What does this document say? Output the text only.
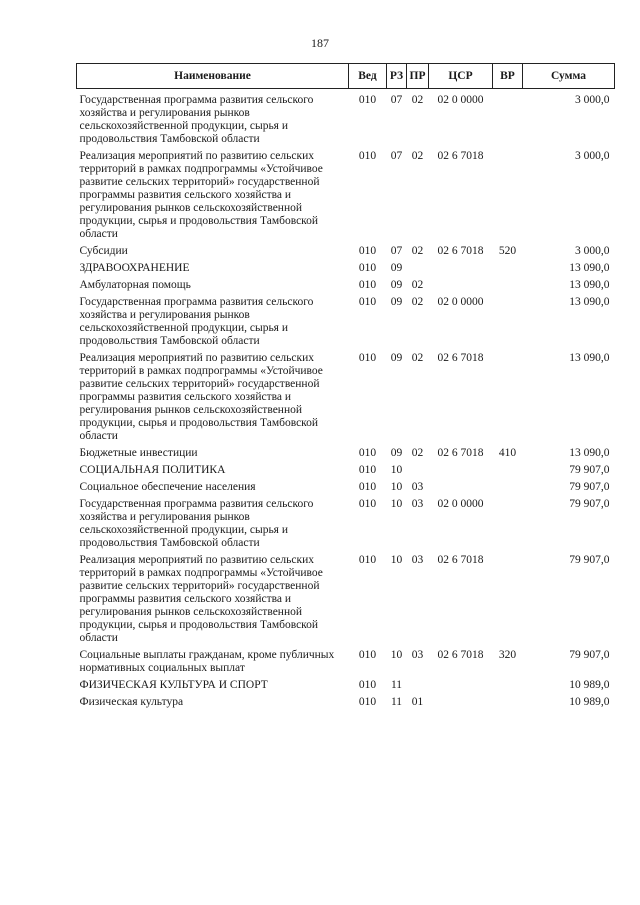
187
Наименование	Вед	РЗ	ПР	ЦСР	ВР	Сумма
Государственная программа развития сельского хозяйства и регулирования рынков сельскохозяйственной продукции, сырья и продовольствия Тамбовской области	010	07	02	02 0 0000		3 000,0
Реализация мероприятий по развитию сельских территорий в рамках подпрограммы «Устойчивое развитие сельских территорий» государственной программы развития сельского хозяйства и регулирования рынков сельскохозяйственной продукции, сырья и продовольствия Тамбовской области	010	07	02	02 6 7018		3 000,0
Субсидии	010	07	02	02 6 7018	520	3 000,0
ЗДРАВООХРАНЕНИЕ	010	09				13 090,0
Амбулаторная помощь	010	09	02			13 090,0
Государственная программа развития сельского хозяйства и регулирования рынков сельскохозяйственной продукции, сырья и продовольствия Тамбовской области	010	09	02	02 0 0000		13 090,0
Реализация мероприятий по развитию сельских территорий в рамках подпрограммы «Устойчивое развитие сельских территорий» государственной программы развития сельского хозяйства и регулирования рынков сельскохозяйственной продукции, сырья и продовольствия Тамбовской области	010	09	02	02 6 7018		13 090,0
Бюджетные инвестиции	010	09	02	02 6 7018	410	13 090,0
СОЦИАЛЬНАЯ ПОЛИТИКА	010	10				79 907,0
Социальное обеспечение населения	010	10	03			79 907,0
Государственная программа развития сельского хозяйства и регулирования рынков сельскохозяйственной продукции, сырья и продовольствия Тамбовской области	010	10	03	02 0 0000		79 907,0
Реализация мероприятий по развитию сельских территорий в рамках подпрограммы «Устойчивое развитие сельских территорий» государственной программы развития сельского хозяйства и регулирования рынков сельскохозяйственной продукции, сырья и продовольствия Тамбовской области	010	10	03	02 6 7018		79 907,0
Социальные выплаты гражданам, кроме публичных нормативных социальных выплат	010	10	03	02 6 7018	320	79 907,0
ФИЗИЧЕСКАЯ КУЛЬТУРА И СПОРТ	010	11				10 989,0
Физическая культура	010	11	01			10 989,0
